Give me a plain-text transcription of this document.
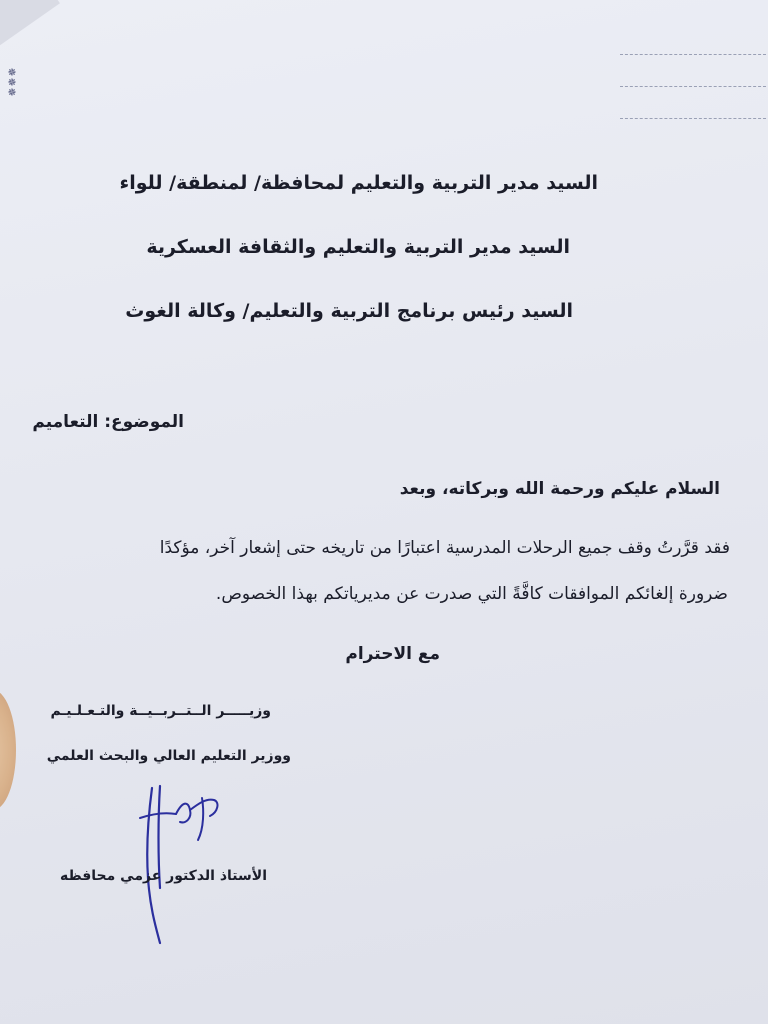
✵
✵
✵
السيد مدير التربية والتعليم لمحافظة/ لمنطقة/ للواء
السيد مدير التربية والتعليم والثقافة العسكرية
السيد رئيس برنامج التربية والتعليم/ وكالة الغوث
الموضوع: التعاميم
السلام عليكم ورحمة الله وبركاته، وبعد
فقد قرَّرتُ وقف جميع الرحلات المدرسية اعتبارًا من تاريخه حتى إشعار آخر، مؤكدًا
ضرورة إلغائكم الموافقات كافَّةً التي صدرت عن مديرياتكم بهذا الخصوص.
مع الاحترام
وزيـــــر الــتــربــيــة والتـعـلـيـم
ووزير التعليم العالي والبحث العلمي
الأستاذ الدكتور عزمي محافظه
